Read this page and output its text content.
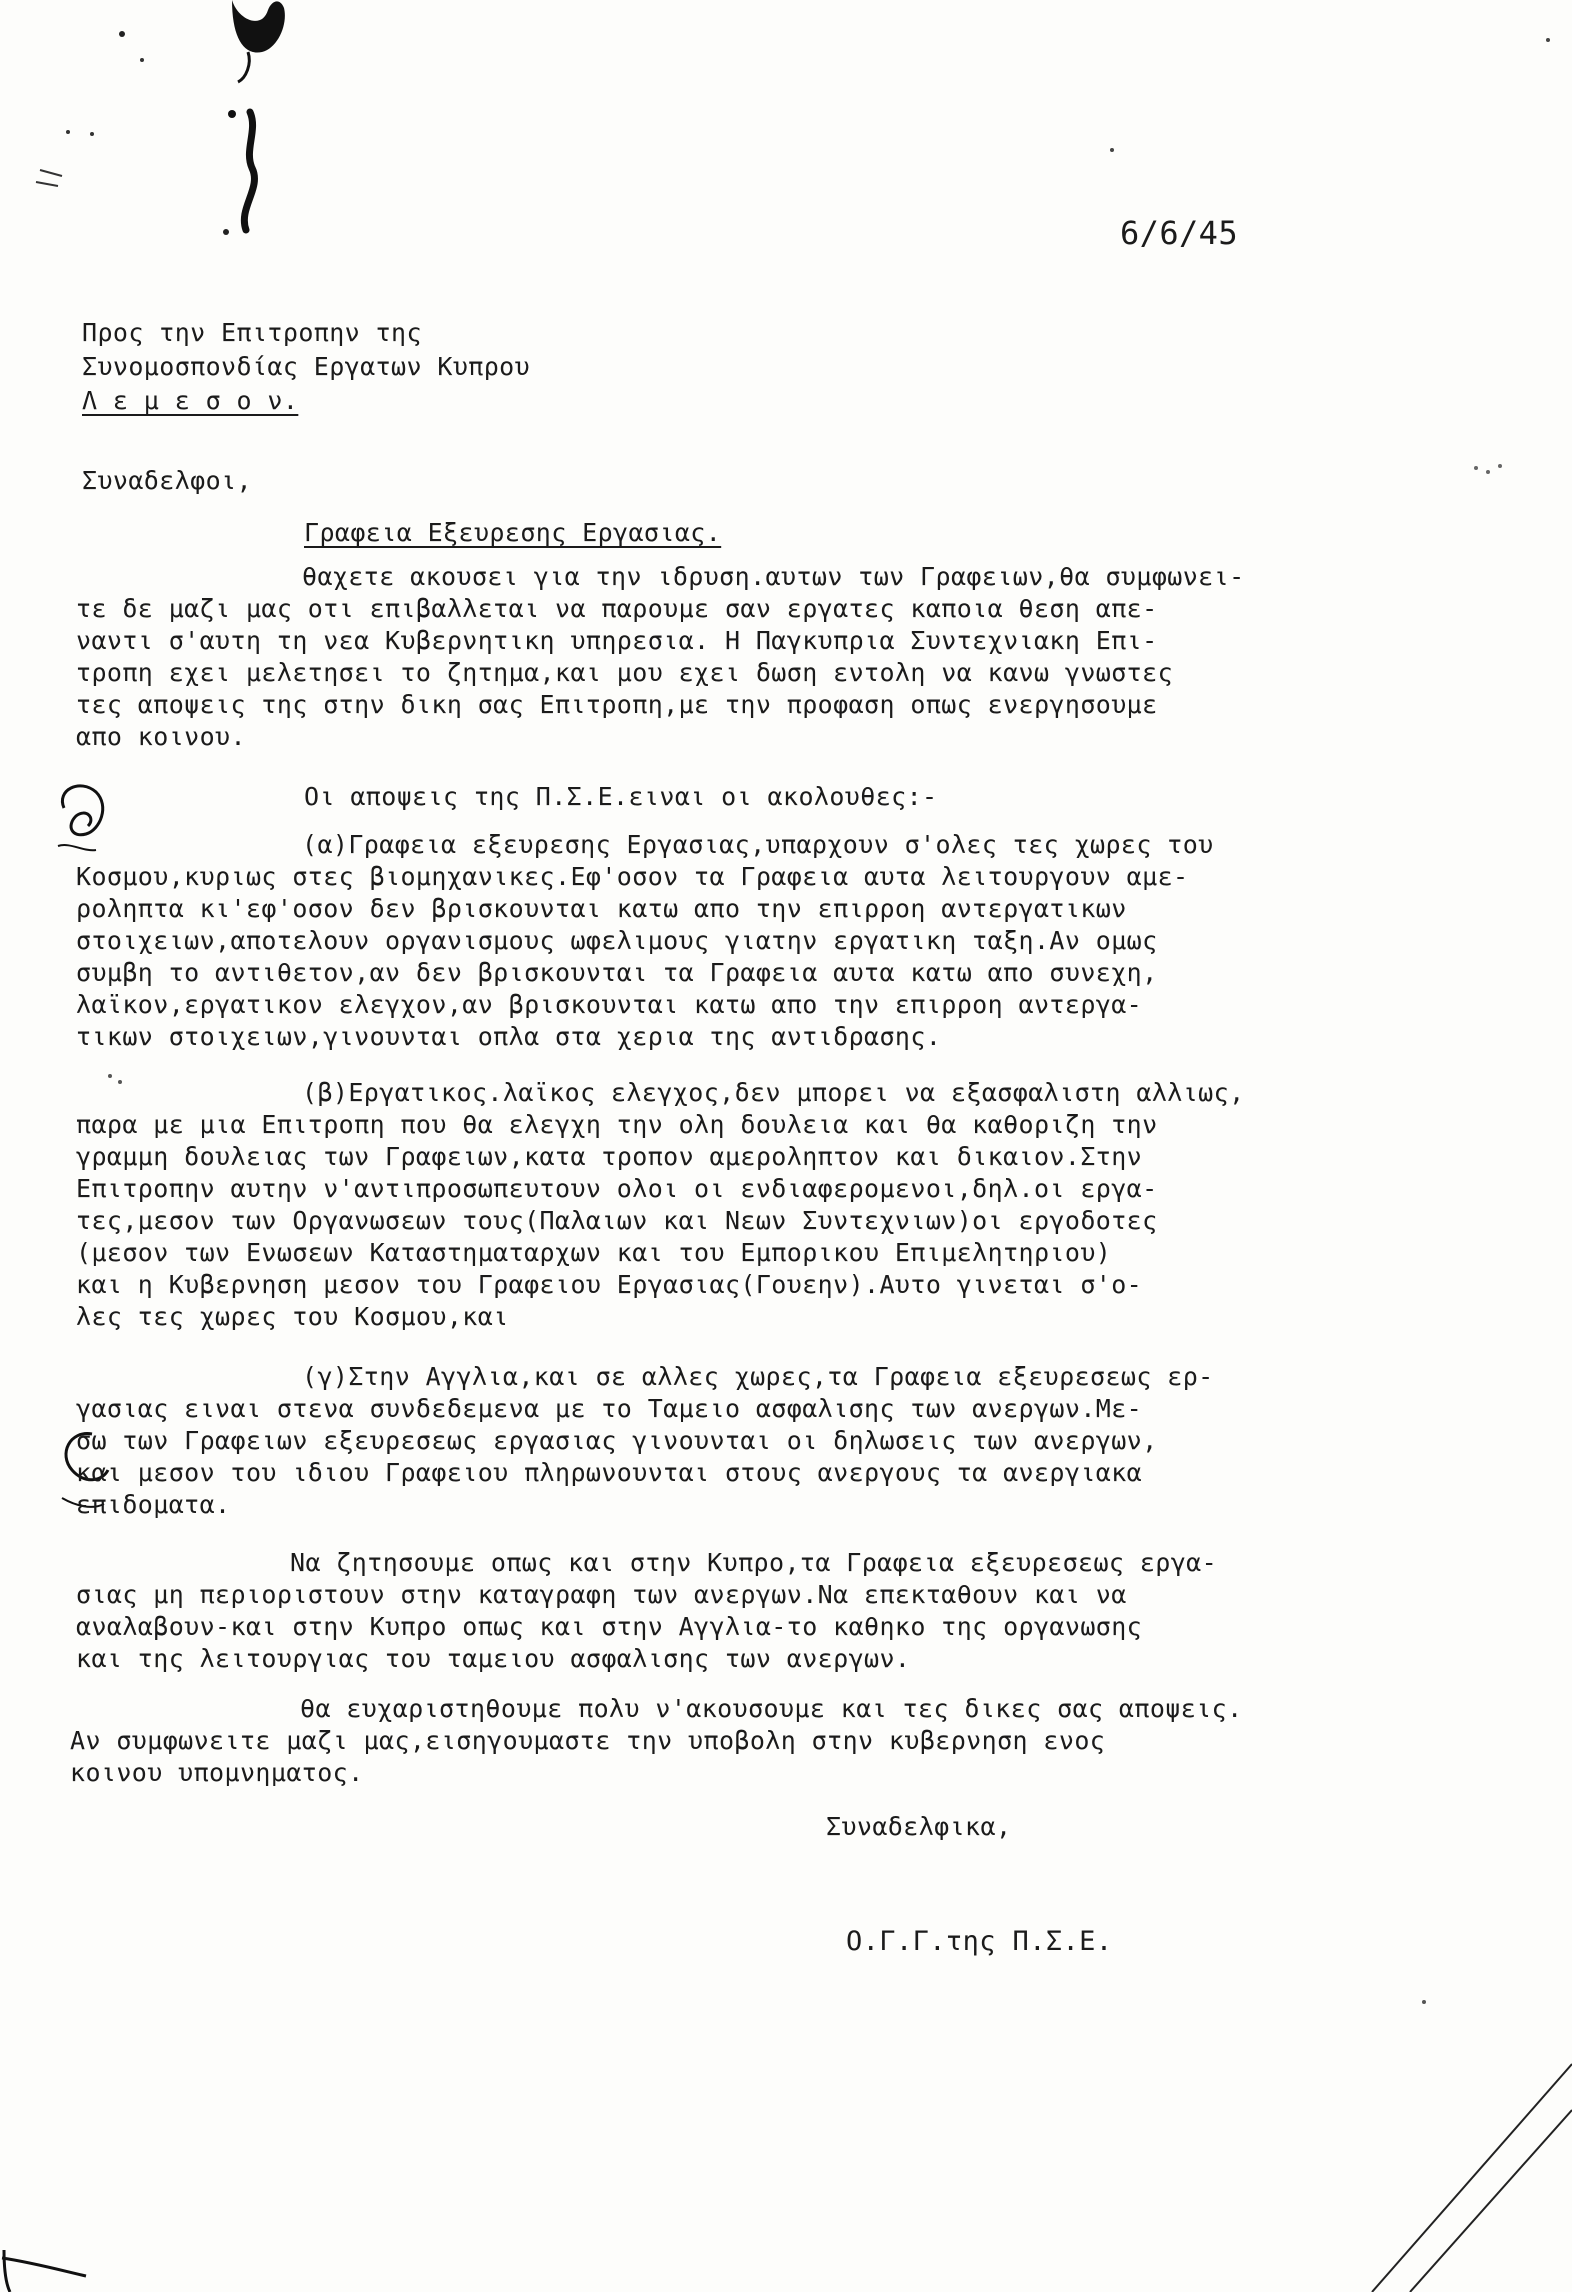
6/6/45

Προς την Επιτροπην της

Συνομοσπονδίας Εργατων Κυπρου

Λ ε μ ε σ ο ν.

Συναδελφοι,
Γραφεια Εξευρεσης Εργασιας.

θαχετε ακουσει για την ιδρυση.αυτων των Γραφειων,θα συμφωνει-

τε δε μαζι μας οτι επιβαλλεται να παρουμε σαν εργατες καποια θεση απε-

ναντι σ'αυτη τη νεα Κυβερνητικη υπηρεσια. Η Παγκυπρια Συντεχνιακη Επι-

τροπη εχει μελετησει το ζητημα,και μου εχει δωση εντολη να κανω γνωστες

τες αποψεις της στην δικη σας Επιτροπη,με την προφαση οπως ενεργησουμε

απο κοινου.

Οι αποψεις της Π.Σ.Ε.ειναι οι ακολουθες:-

(α)Γραφεια εξευρεσης Εργασιας,υπαρχουν σ'ολες τες χωρες του

Κοσμου,κυριως στες βιομηχανικες.Εφ'οσον τα Γραφεια αυτα λειτουργουν αμε-

ροληπτα κι'εφ'οσον δεν βρισκουνται κατω απο την επιρροη αντεργατικων

στοιχειων,αποτελουν οργανισμους ωφελιμους γιατην εργατικη ταξη.Αν ομως

συμβη το αντιθετον,αν δεν βρισκουνται τα Γραφεια αυτα κατω απο συνεχη,

λαϊκον,εργατικον ελεγχον,αν βρισκουνται κατω απο την επιρροη αντεργα-

τικων στοιχειων,γινουνται οπλα στα χερια της αντιδρασης.

(β)Εργατικος.λαϊκος ελεγχος,δεν μπορει να εξασφαλιστη αλλιως,

παρα με μια Επιτροπη που θα ελεγχη την ολη δουλεια και θα καθοριζη την

γραμμη δουλειας των Γραφειων,κατα τροπον αμεροληπτον και δικαιον.Στην

Επιτροπην αυτην ν'αντιπροσωπευτουν ολοι οι ενδιαφερομενοι,δηλ.οι εργα-

τες,μεσον των Οργανωσεων τους(Παλαιων και Νεων Συντεχνιων)οι εργοδοτες

(μεσον των Ενωσεων Καταστηματαρχων και του Εμπορικου Επιμελητηριου)

και η Κυβερνηση μεσον του Γραφειου Εργασιας(Γουεην).Αυτο γινεται σ'ο-

λες τες χωρες του Κοσμου,και

(γ)Στην Αγγλια,και σε αλλες χωρες,τα Γραφεια εξευρεσεως ερ-

γασιας ειναι στενα συνδεδεμενα με το Ταμειο ασφαλισης των ανεργων.Με-

σω των Γραφειων εξευρεσεως εργασιας γινουνται οι δηλωσεις των ανεργων,

και μεσον του ιδιου Γραφειου πληρωνουνται στους ανεργους τα ανεργιακα

επιδοματα.

Να ζητησουμε οπως και στην Κυπρο,τα Γραφεια εξευρεσεως εργα-

σιας μη περιοριστουν στην καταγραφη των ανεργων.Να επεκταθουν και να

αναλαβουν-και στην Κυπρο οπως και στην Αγγλια-το καθηκο της οργανωσης

και της λειτουργιας του ταμειου ασφαλισης των ανεργων.

θα ευχαριστηθουμε πολυ ν'ακουσουμε και τες δικες σας αποψεις.

Αν συμφωνειτε μαζι μας,εισηγουμαστε την υποβολη στην κυβερνηση ενος

κοινου υπομνηματος.

Συναδελφικα,
Ο.Γ.Γ.της Π.Σ.Ε.
